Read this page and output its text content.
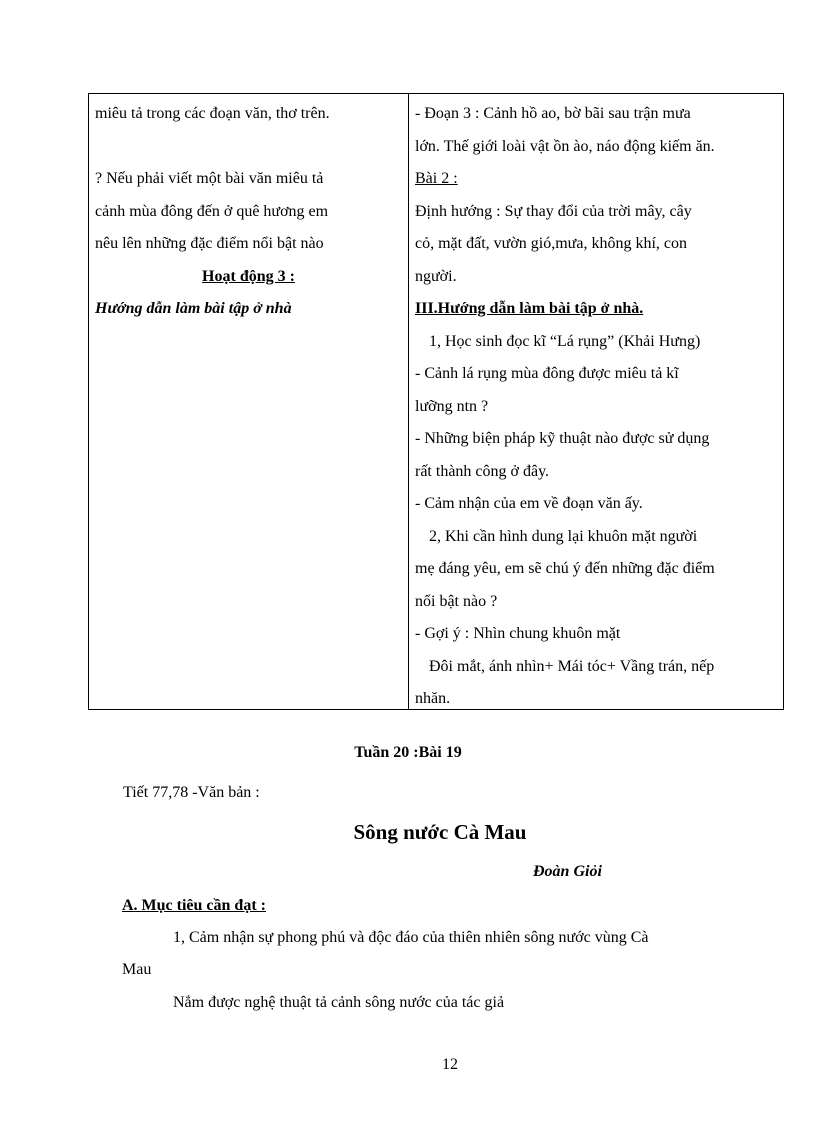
miêu tả trong các đoạn văn, thơ trên.
? Nếu phải viết một bài văn miêu tả
cảnh mùa đông đến ở quê hương em
nêu lên những đặc điểm nổi bật nào
Hoạt động 3 :
Hướng dẫn làm bài tập ở nhà
- Đoạn 3 : Cảnh hồ ao, bờ bãi sau trận mưa
lớn. Thế giới loài vật ồn ào, náo động kiếm ăn.
Bài 2 :
Định hướng : Sự thay đổi của trời mây, cây
cỏ, mặt đất, vườn gió,mưa, không khí, con
người.
III.Hướng dẫn làm bài tập ở nhà.
1, Học sinh đọc kĩ “Lá rụng” (Khải Hưng)
- Cảnh lá rụng mùa đông được miêu tả kĩ
lưỡng ntn ?
- Những biện pháp kỹ thuật nào được sử dụng
rất thành công ở đây.
- Cảm nhận của em về đoạn văn ấy.
2, Khi cần hình dung lại khuôn mặt người
mẹ đáng yêu, em sẽ chú ý đến những đặc điểm
nổi bật nào ?
- Gợi ý : Nhìn chung khuôn mặt
Đôi mắt, ánh nhìn+ Mái tóc+ Vầng trán, nếp
nhăn.
Tuần 20 :Bài 19
Tiết 77,78 -Văn bản :
Sông nước Cà Mau
Đoàn Giỏi
A. Mục tiêu cần đạt :
1, Cảm nhận sự phong phú và độc đáo của thiên nhiên sông nước vùng Cà
Mau
Nắm được nghệ thuật tả cảnh sông nước của tác giả
12
